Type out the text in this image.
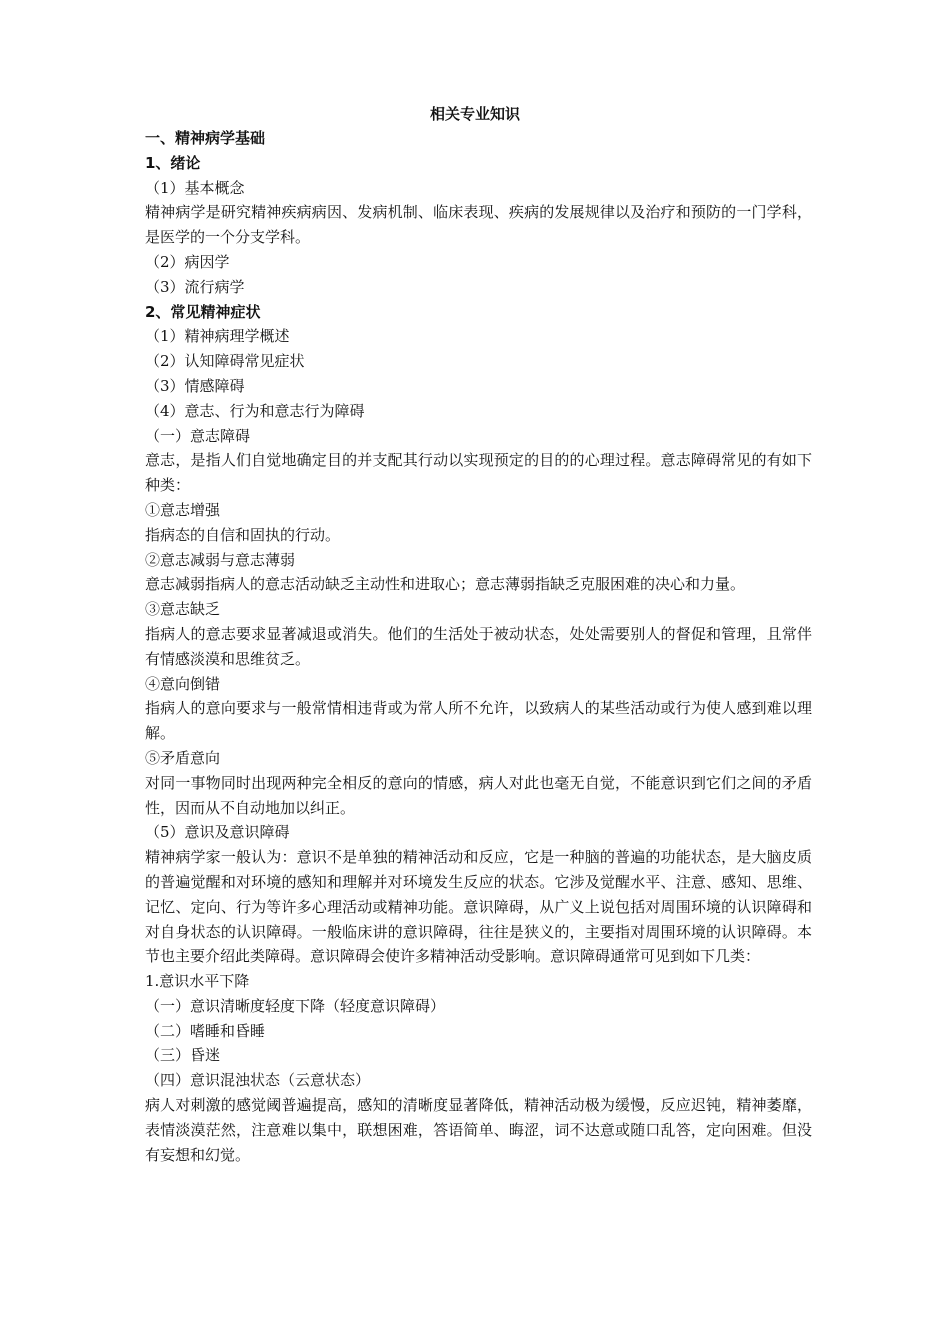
相关专业知识
一、精神病学基础
1、绪论
（1）基本概念
精神病学是研究精神疾病病因、发病机制、临床表现、疾病的发展规律以及治疗和预防的一门学科，是医学的一个分支学科。
（2）病因学
（3）流行病学
2、常见精神症状
（1）精神病理学概述
（2）认知障碍常见症状
（3）情感障碍
（4）意志、行为和意志行为障碍
（一）意志障碍
意志，是指人们自觉地确定目的并支配其行动以实现预定的目的的心理过程。意志障碍常见的有如下种类：
①意志增强
指病态的自信和固执的行动。
②意志减弱与意志薄弱
意志减弱指病人的意志活动缺乏主动性和进取心；意志薄弱指缺乏克服困难的决心和力量。
③意志缺乏
指病人的意志要求显著减退或消失。他们的生活处于被动状态，处处需要别人的督促和管理，且常伴有情感淡漠和思维贫乏。
④意向倒错
指病人的意向要求与一般常情相违背或为常人所不允许，以致病人的某些活动或行为使人感到难以理解。
⑤矛盾意向
对同一事物同时出现两种完全相反的意向的情感，病人对此也毫无自觉，不能意识到它们之间的矛盾性，因而从不自动地加以纠正。
（5）意识及意识障碍
精神病学家一般认为：意识不是单独的精神活动和反应，它是一种脑的普遍的功能状态，是大脑皮质的普遍觉醒和对环境的感知和理解并对环境发生反应的状态。它涉及觉醒水平、注意、感知、思维、记忆、定向、行为等许多心理活动或精神功能。意识障碍，从广义上说包括对周围环境的认识障碍和对自身状态的认识障碍。一般临床讲的意识障碍，往往是狭义的，主要指对周围环境的认识障碍。本节也主要介绍此类障碍。意识障碍会使许多精神活动受影响。意识障碍通常可见到如下几类：
1.意识水平下降
（一）意识清晰度轻度下降（轻度意识障碍）
（二）嗜睡和昏睡
（三）昏迷
（四）意识混浊状态（云意状态）
病人对刺激的感觉阈普遍提高，感知的清晰度显著降低，精神活动极为缓慢，反应迟钝，精神萎靡，表情淡漠茫然，注意难以集中，联想困难，答语简单、晦涩，词不达意或随口乱答，定向困难。但没有妄想和幻觉。
